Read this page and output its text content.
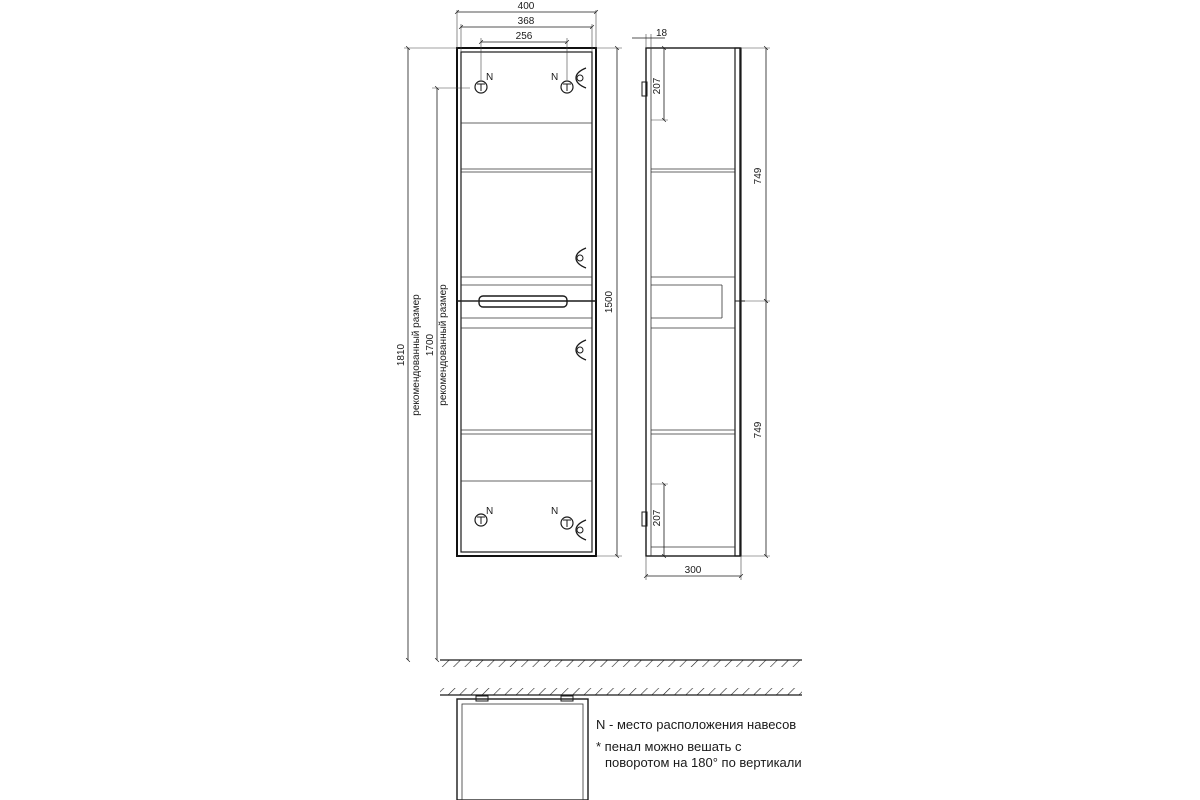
N	N
N	N
400
368
256
1500
1810 рекомендованный размер 1700 рекомендованный размер
18
207
207
749
749
300
N - место расположения навесов
* пенал можно вешать с
поворотом на 180° по вертикали
